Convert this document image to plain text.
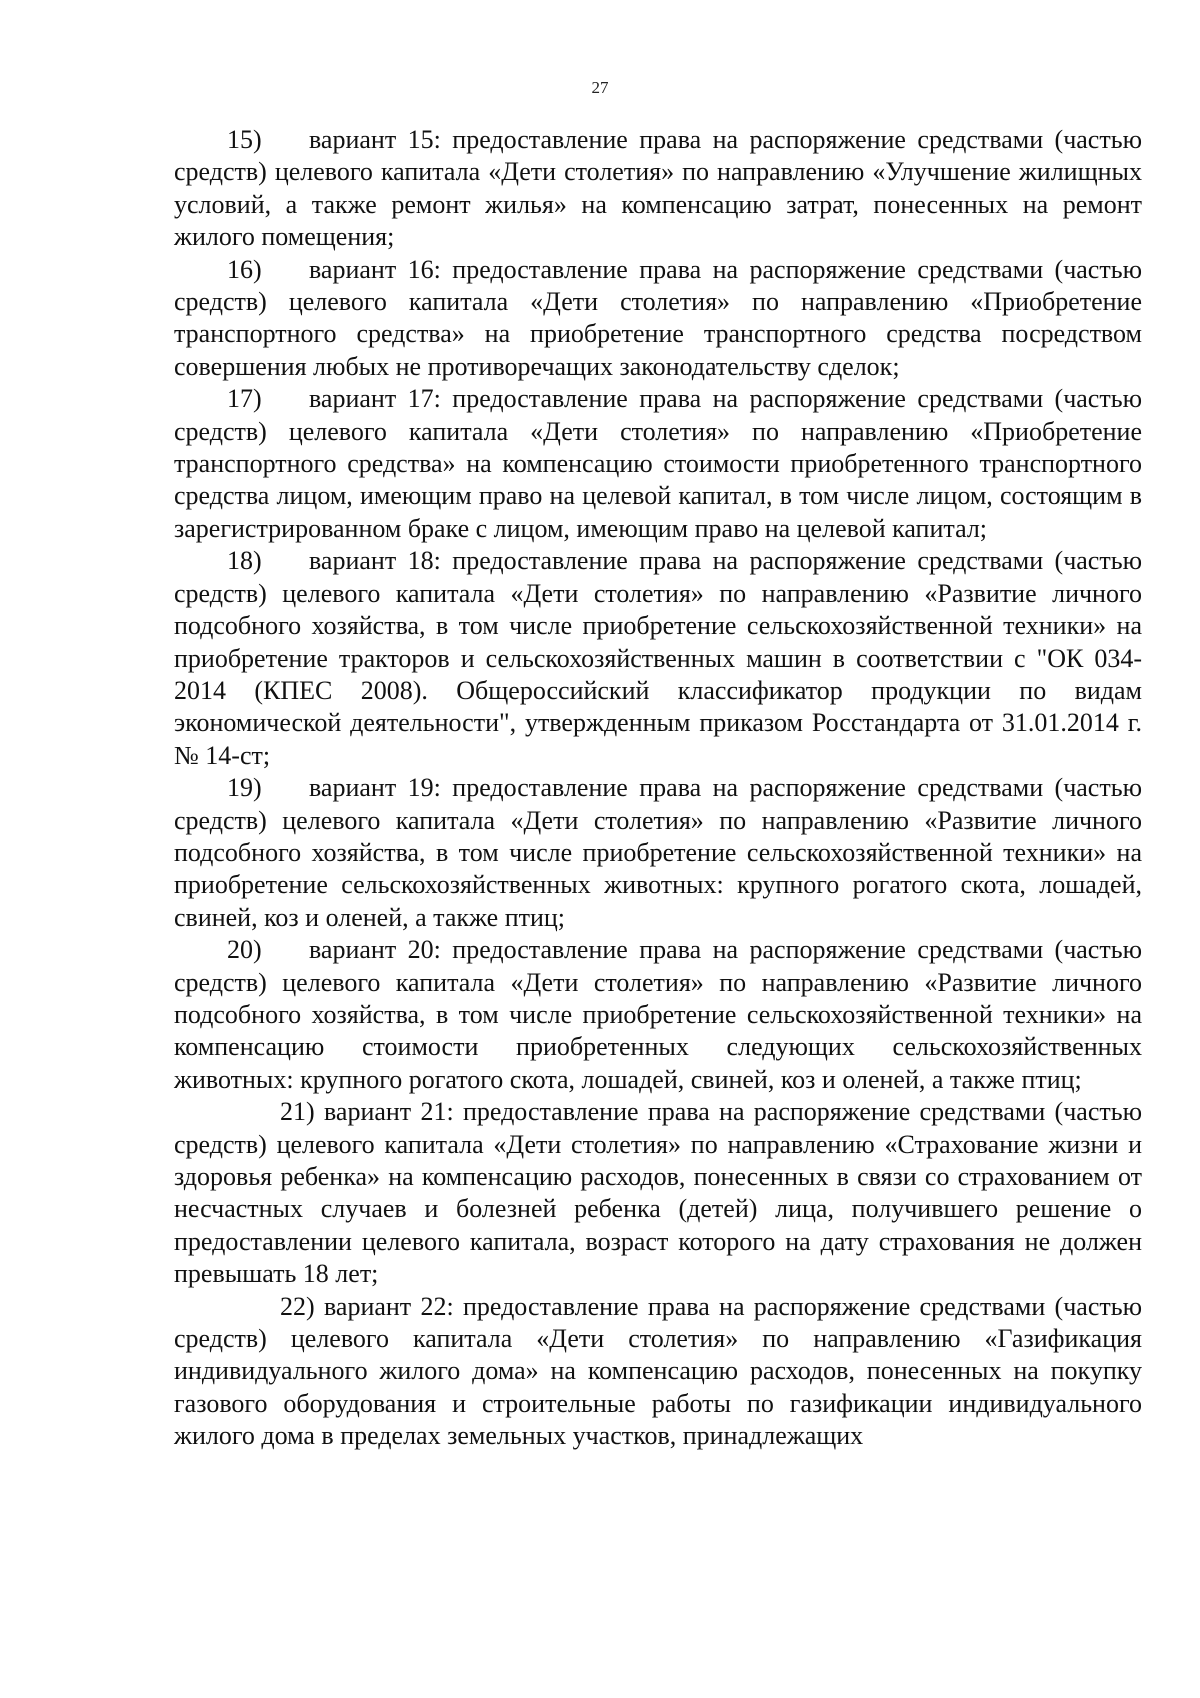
27

15) вариант 15: предоставление права на распоряжение средствами (частью средств) целевого капитала «Дети столетия» по направлению «Улучшение жилищных условий, а также ремонт жилья» на компенсацию затрат, понесенных на ремонт жилого помещения;

16) вариант 16: предоставление права на распоряжение средствами (частью средств) целевого капитала «Дети столетия» по направлению «Приобретение транспортного средства» на приобретение транспортного средства посредством совершения любых не противоречащих законодательству сделок;

17) вариант 17: предоставление права на распоряжение средствами (частью средств) целевого капитала «Дети столетия» по направлению «Приобретение транспортного средства» на компенсацию стоимости приобретенного транспортного средства лицом, имеющим право на целевой капитал, в том числе лицом, состоящим в зарегистрированном браке с лицом, имеющим право на целевой капитал;

18) вариант 18: предоставление права на распоряжение средствами (частью средств) целевого капитала «Дети столетия» по направлению «Развитие личного подсобного хозяйства, в том числе приобретение сельскохозяйственной техники» на приобретение тракторов и сельскохозяйственных машин в соответствии с "ОК 034-2014 (КПЕС 2008). Общероссийский классификатор продукции по видам экономической деятельности", утвержденным приказом Росстандарта от 31.01.2014 г. № 14-ст;

19) вариант 19: предоставление права на распоряжение средствами (частью средств) целевого капитала «Дети столетия» по направлению «Развитие личного подсобного хозяйства, в том числе приобретение сельскохозяйственной техники» на приобретение сельскохозяйственных животных: крупного рогатого скота, лошадей, свиней, коз и оленей, а также птиц;

20) вариант 20: предоставление права на распоряжение средствами (частью средств) целевого капитала «Дети столетия» по направлению «Развитие личного подсобного хозяйства, в том числе приобретение сельскохозяйственной техники» на компенсацию стоимости приобретенных следующих сельскохозяйственных животных: крупного рогатого скота, лошадей, свиней, коз и оленей, а также птиц;

21) вариант 21: предоставление права на распоряжение средствами (частью средств) целевого капитала «Дети столетия» по направлению «Страхование жизни и здоровья ребенка» на компенсацию расходов, понесенных в связи со страхованием от несчастных случаев и болезней ребенка (детей) лица, получившего решение о предоставлении целевого капитала, возраст которого на дату страхования не должен превышать 18 лет;

22) вариант 22: предоставление права на распоряжение средствами (частью средств) целевого капитала «Дети столетия» по направлению «Газификация индивидуального жилого дома» на компенсацию расходов, понесенных на покупку газового оборудования и строительные работы по газификации индивидуального жилого дома в пределах земельных участков, принадлежащих
